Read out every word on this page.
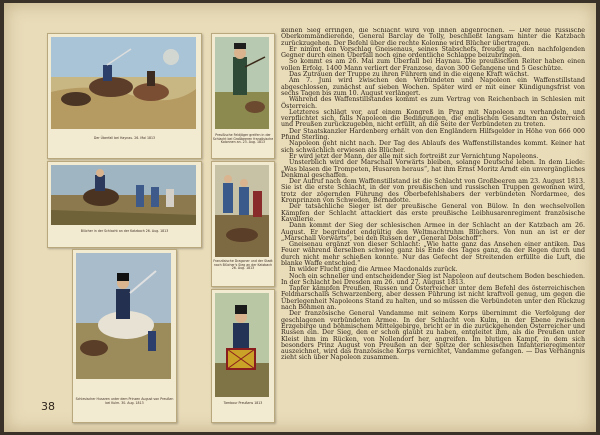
Der Überfall bei Haynau. 26. Mai 1813
Preußische Feldjäger greifen in der Schlacht bei Großbeeren französische Kolonnen an. 23. Aug. 1813
Blücher in der Schlacht an der Katzbach 26. Aug. 1813
Französische Dragoner und der Stadt nach Blücher's Sieg an der Katzbach 26. Aug. 1813
Schlesischer Husaren unter dem Prinzen August von Preußen bei Kulm. 30. Aug. 1813	Tambour Preußens 1813

keinen Sieg erringen, die Schlacht wird von ihnen abgebrochen. — Der neue russische Oberkommandierende, General Barclay de Tolly, beschließt langsam hinter die Katzbach zurückzugehen. Der Befehl über die rechte Kolonne wird Blücher übertragen.

Er nimmt den Vorschlag Gneisenaus, seines Stabschefs, freudig an, den nachfolgenden Gegner durch einen Überfall noch eine ordentliche Schlappe beizubringen.

So kommt es am 26. Mai zum Überfall bei Haynau. Die preußischen Reiter haben einen vollen Erfolg. 1400 Mann verliert der Franzose, davon 300 Gefangene und 5 Geschütze.

Das Zutrauen der Truppe zu ihren Führern und in die eigene Kraft wächst.

Am 7. Juni wird zwischen den Verbündeten und Napoleon ein Waffenstillstand abgeschlossen, zunächst auf sieben Wochen. Später wird er mit einer Kündigungsfrist von sechs Tagen bis zum 10. August verlängert.

Während des Waffenstillstandes kommt es zum Vertrag von Reichenbach in Schlesien mit Österreich.

Letzteres schlägt vor, auf einem Kongreß in Prag mit Napoleon zu verhandeln, und verpflichtet sich, falls Napoleon die Bedingungen, die englischen Gesandten an Österreich und Preußen zurückzugeben, nicht erfüllt, an die Seite der Verbündeten zu treten.

Der Staatskanzler Hardenberg erhält von den Engländern Hilfsgelder in Höhe von 666 000 Pfund Sterling.

Napoleon geht nicht nach. Der Tag des Ablaufs des Waffenstillstandes kommt. Keiner hat sich schwächlich erwiesen als Blücher.

Er wird jetzt der Mann, der alle mit sich fortreißt zur Vernichtung Napoleons.

Unsterblich wird der Marschall Vorwärts bleiben, solange Deutsche leben. In dem Liede: „Was blasen die Trompeten, Husaren heraus“, hat ihm Ernst Moritz Arndt ein unvergängliches Denkmal geschaffen.

Der Aufruf nach dem Waffenstillstand ist die Schlacht von Großbeeren am 23. August 1813. Sie ist die erste Schlacht, in der von preußischen und russischen Truppen gewonnen wird, trotz der zögernden Führung des Oberbefehlshabers der verbündeten Nordarmee, des Kronprinzen von Schweden, Bernadotte.

Der tatsächliche Sieger ist der preußische General von Bülow. In den wechselvollen Kämpfen der Schlacht attackiert das erste preußische Leibhusarenregiment französische Kavallerie.

Dann kommt der Sieg der schlesischen Armee in der Schlacht an der Katzbach am 26. August. Er begründet endgültig den Weltmachtruhm Blüchers. Von nun an ist er der „Marschall Vorwärts“, bei den Russen der „General Dolschoff“.

Gneisenau ergänzt von dieser Schlacht: „Wie hatte ganz das Ansehen einer antiken. Das Feuer während derselben schwieg ganz bis Ende des Tages ganz, da der Regen durch und durch nicht mehr schießen konnte. Nur das Gefecht der Streitenden erfüllte die Luft, die blanke Waffe entschied.“

In wilder Flucht ging die Armee Macdonalds zurück.

Noch ein schneller und entscheidender Sieg ist Napoleon auf deutschem Boden beschieden. In der Schlacht bei Dresden am 26. und 27. August 1813.

Tapfer kämpfen Preußen, Russen und Österreicher unter dem Befehl des österreichischen Feldmarschalls Schwarzenberg, aber dessen Führung ist nicht kraftvoll genug, um gegen die Überlegenheit Napoleons Stand zu halten, und so müssen die Verbündeten unter den Rückzug nach Böhmen an.

Der französische General Vandamme mit seinem Korps übernimmt die Verfolgung der geschlagenen verbündeten Armee. In der Schlacht von Kulm, in der Ebene zwischen Erzgebirge und böhmischem Mittelgebirge, bricht er in die zurückgehenden Österreicher und Russen ein. Der Sieg, den er schon glaubt zu haben, entgleitet ihm, als die Preußen unter Kleist ihm im Rücken, von Nollendorf her, angreifen. Im blutigen Kampf, in dem sich besonders Prinz August von Preußen an der Spitze der schlesischen Infanterieregimenter auszeichnet, wird das französische Korps vernichtet, Vandamme gefangen. — Das Verhängnis zieht sich über Napoleon zusammen.

38
